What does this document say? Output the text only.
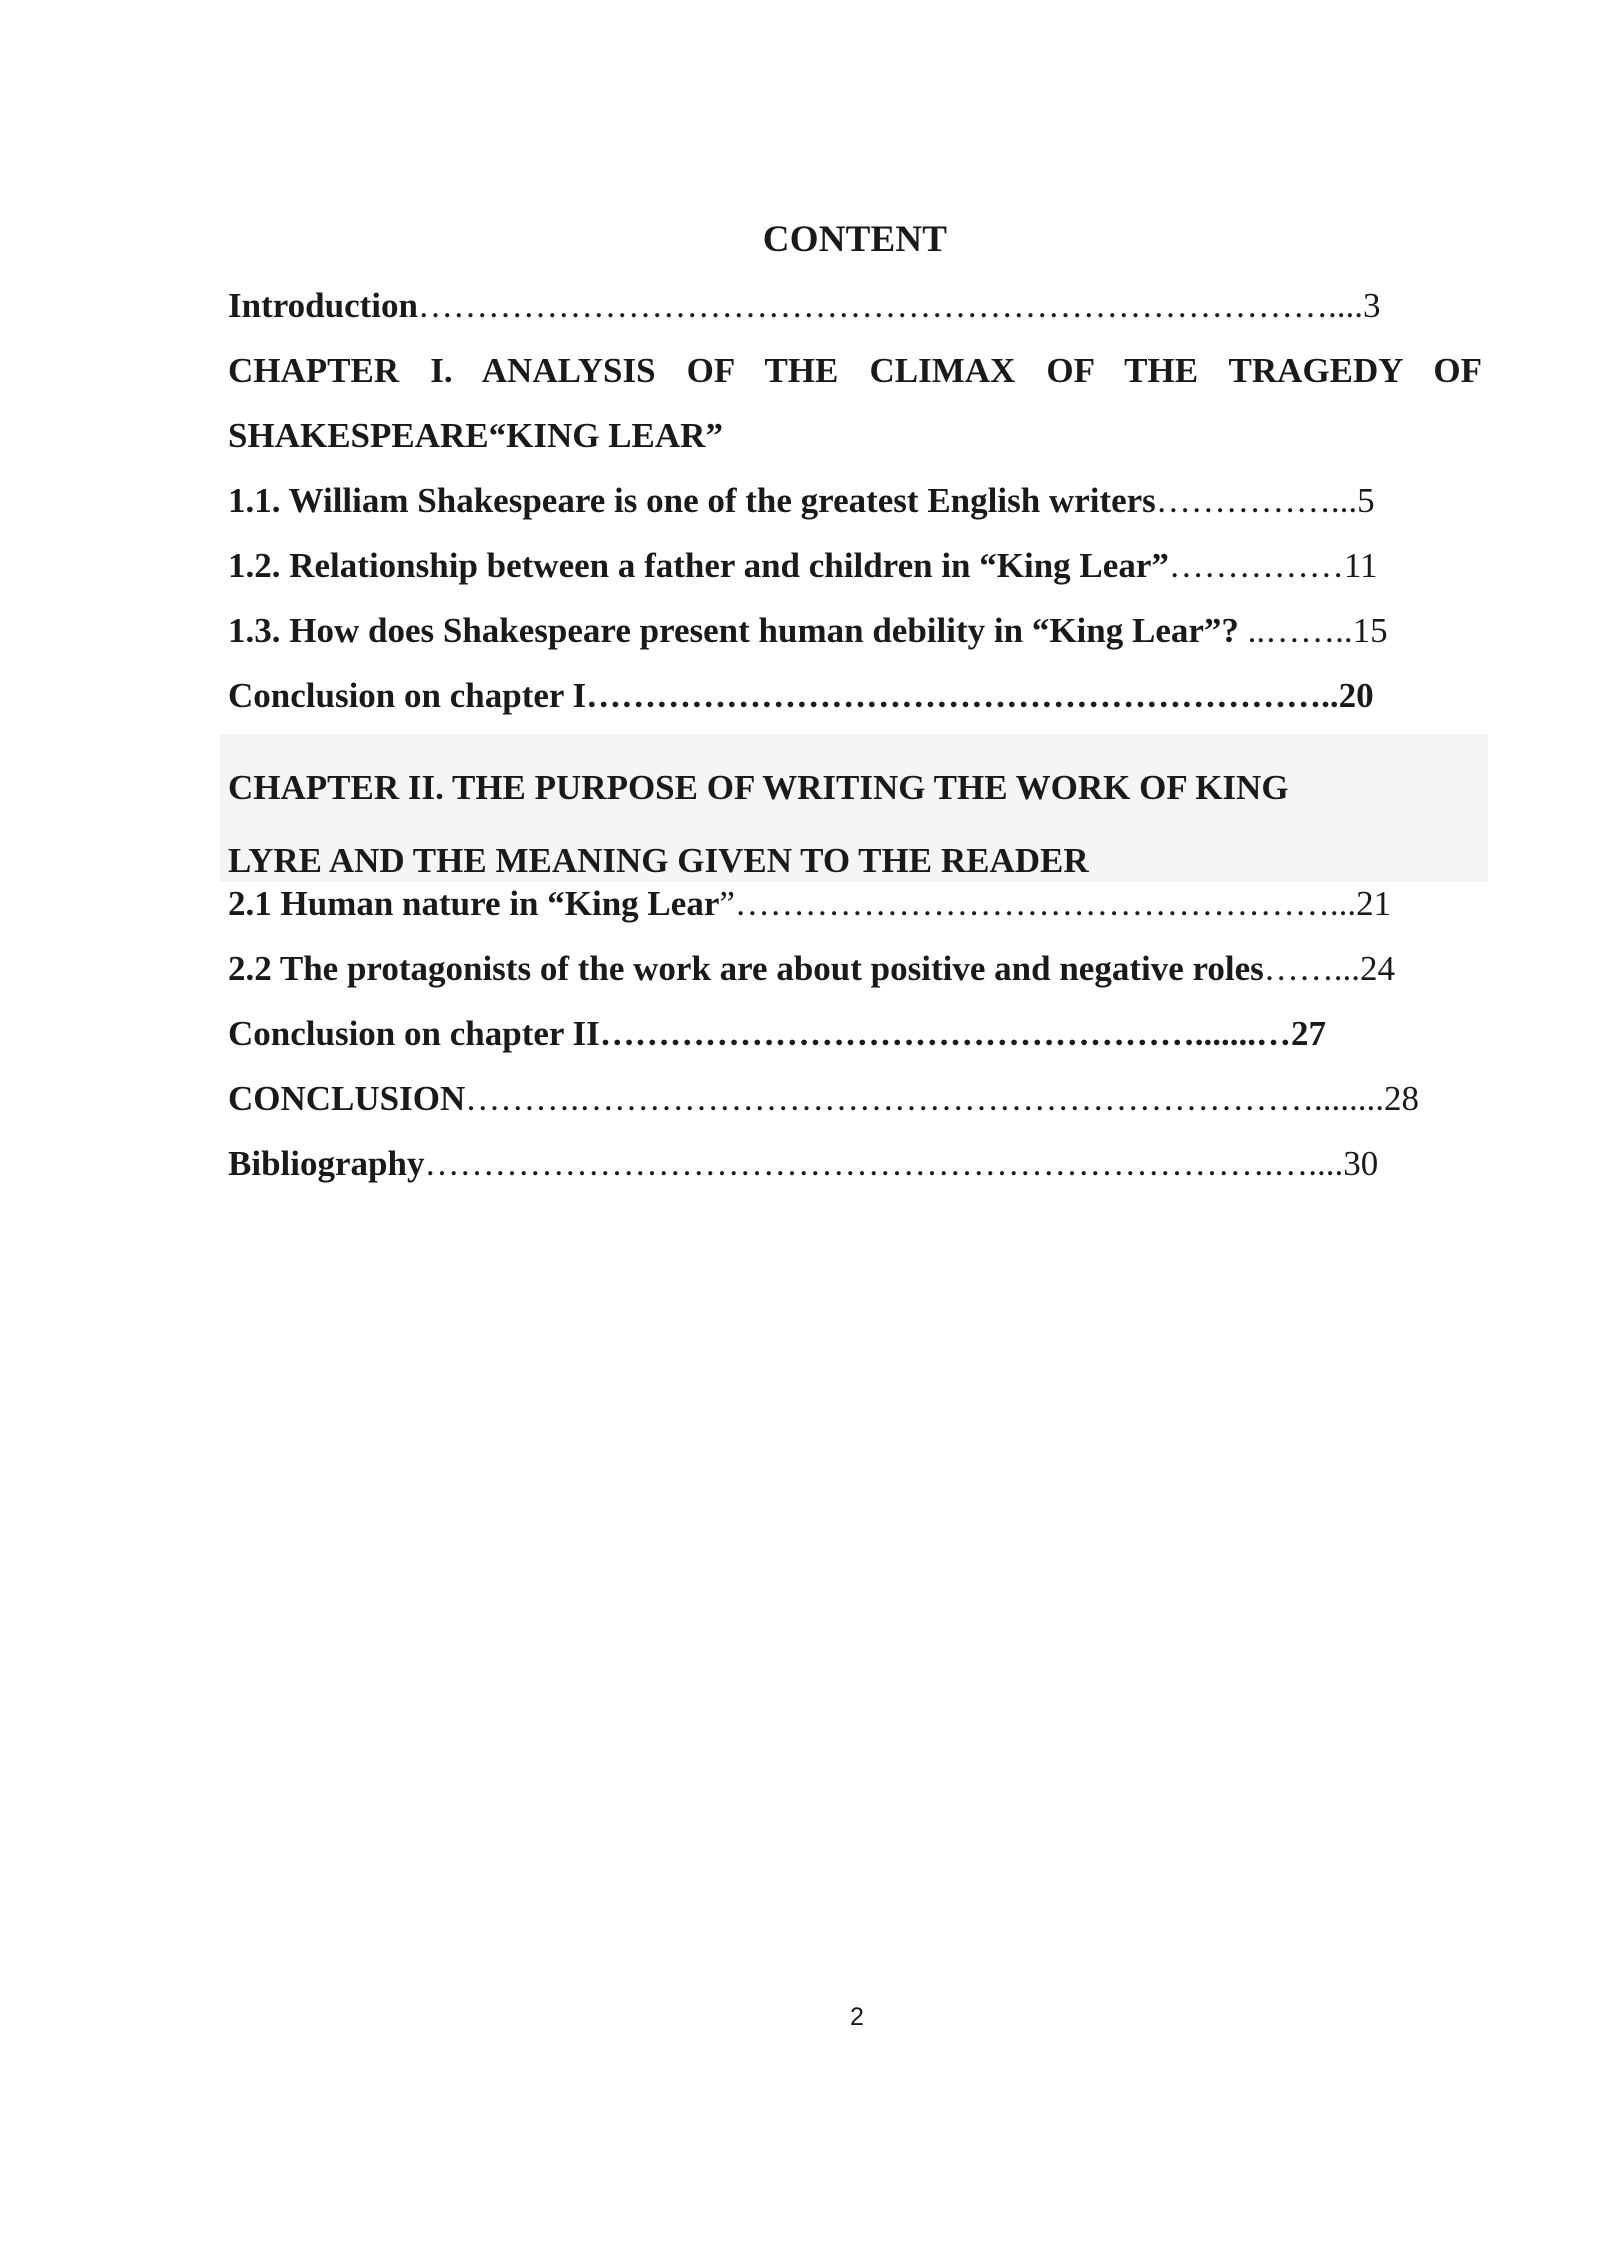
CONTENT
Introduction……………………………………………………………………....3
CHAPTER I. ANALYSIS OF THE CLIMAX OF THE TRAGEDY OF
SHAKESPEARE“KING LEAR”
1.1. William Shakespeare is one of the greatest English writers……………...5
1.2. Relationship between a father and children in “King Lear”……………11
1.3. How does Shakespeare present human debility in “King Lear”? ..……..15
Conclusion on chapter I………………………………………………………..20
CHAPTER II. THE PURPOSE OF WRITING THE WORK OF KING
LYRE AND THE MEANING GIVEN TO THE READER
2.1 Human nature in “King Lear”……………………………………………...21
2.2 The protagonists of the work are about positive and negative roles……...24
Conclusion on chapter II…………………………………………….......…27
CONCLUSION……….………………………………………………………........28
Bibliography……………………………………………………………….…....30
2
